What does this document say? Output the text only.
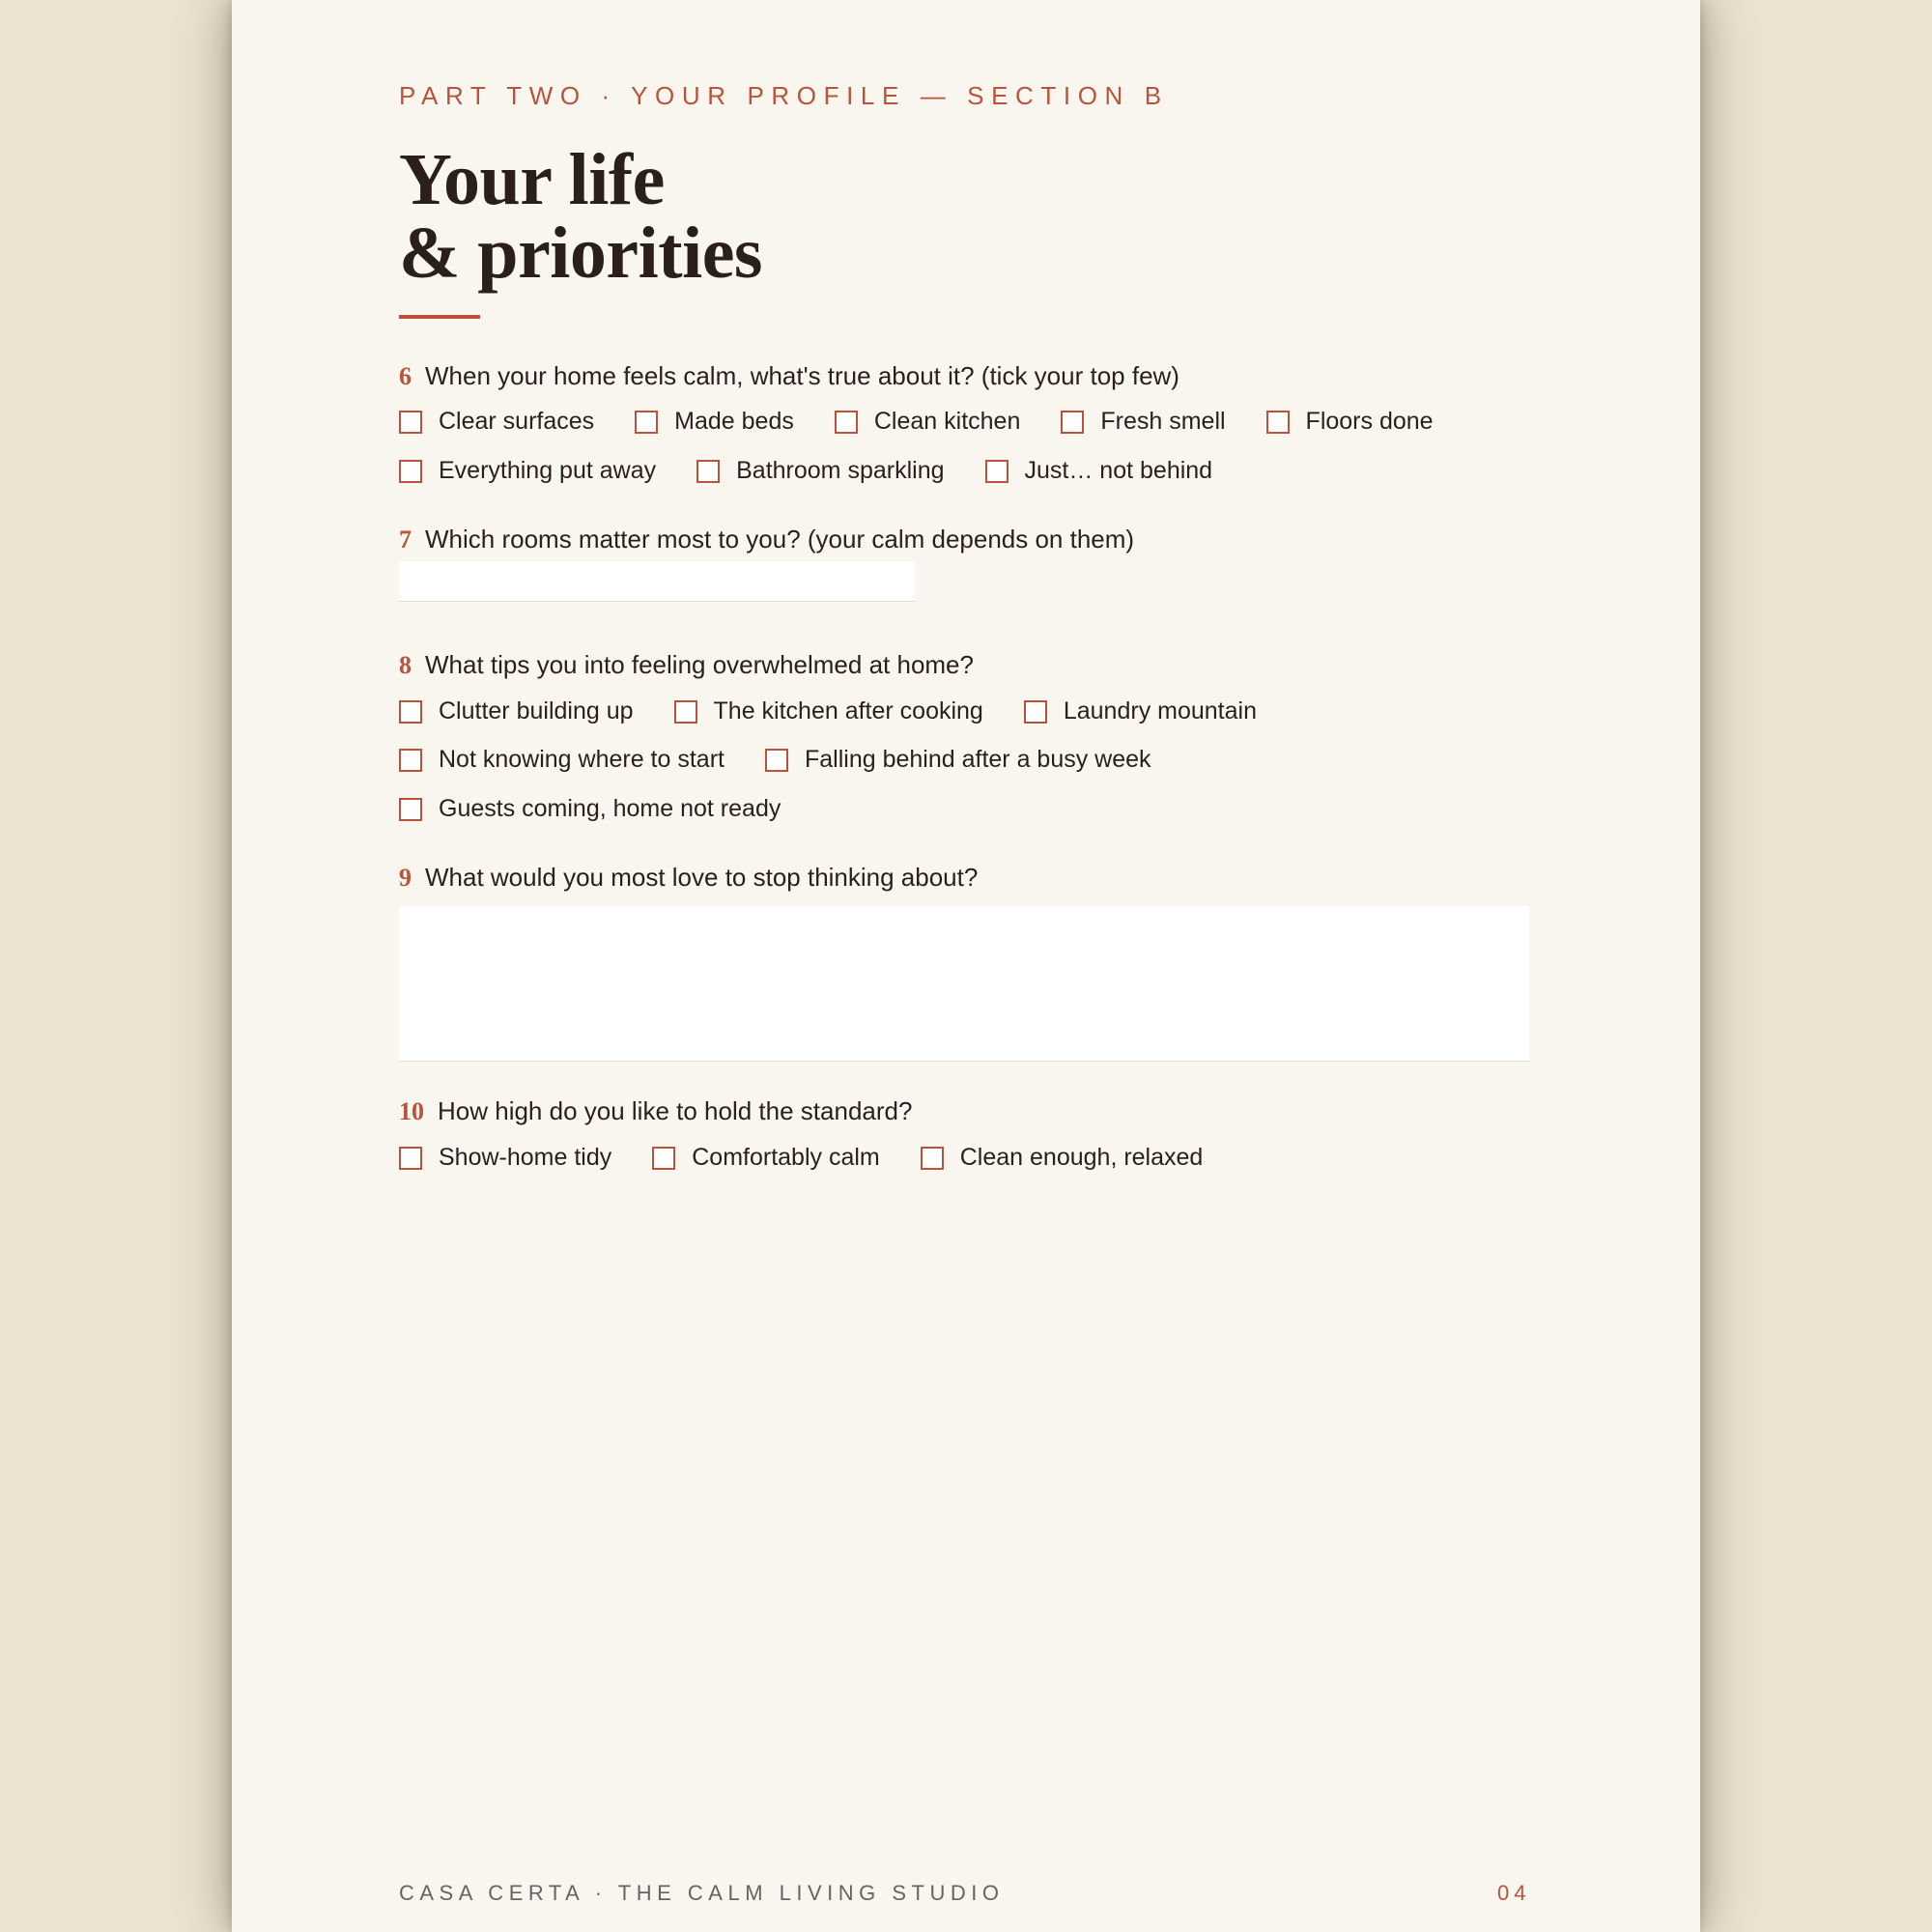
PART TWO · YOUR PROFILE — SECTION B
Your life
& priorities
6 When your home feels calm, what's true about it? (tick your top few)
Clear surfaces	Made beds	Clean kitchen	Fresh smell	Floors done
Everything put away	Bathroom sparkling	Just… not behind
7 Which rooms matter most to you? (your calm depends on them)
8 What tips you into feeling overwhelmed at home?
Clutter building up	The kitchen after cooking	Laundry mountain
Not knowing where to start	Falling behind after a busy week
Guests coming, home not ready
9 What would you most love to stop thinking about?
10 How high do you like to hold the standard?
Show-home tidy	Comfortably calm	Clean enough, relaxed
CASA CERTA · THE CALM LIVING STUDIO	04
